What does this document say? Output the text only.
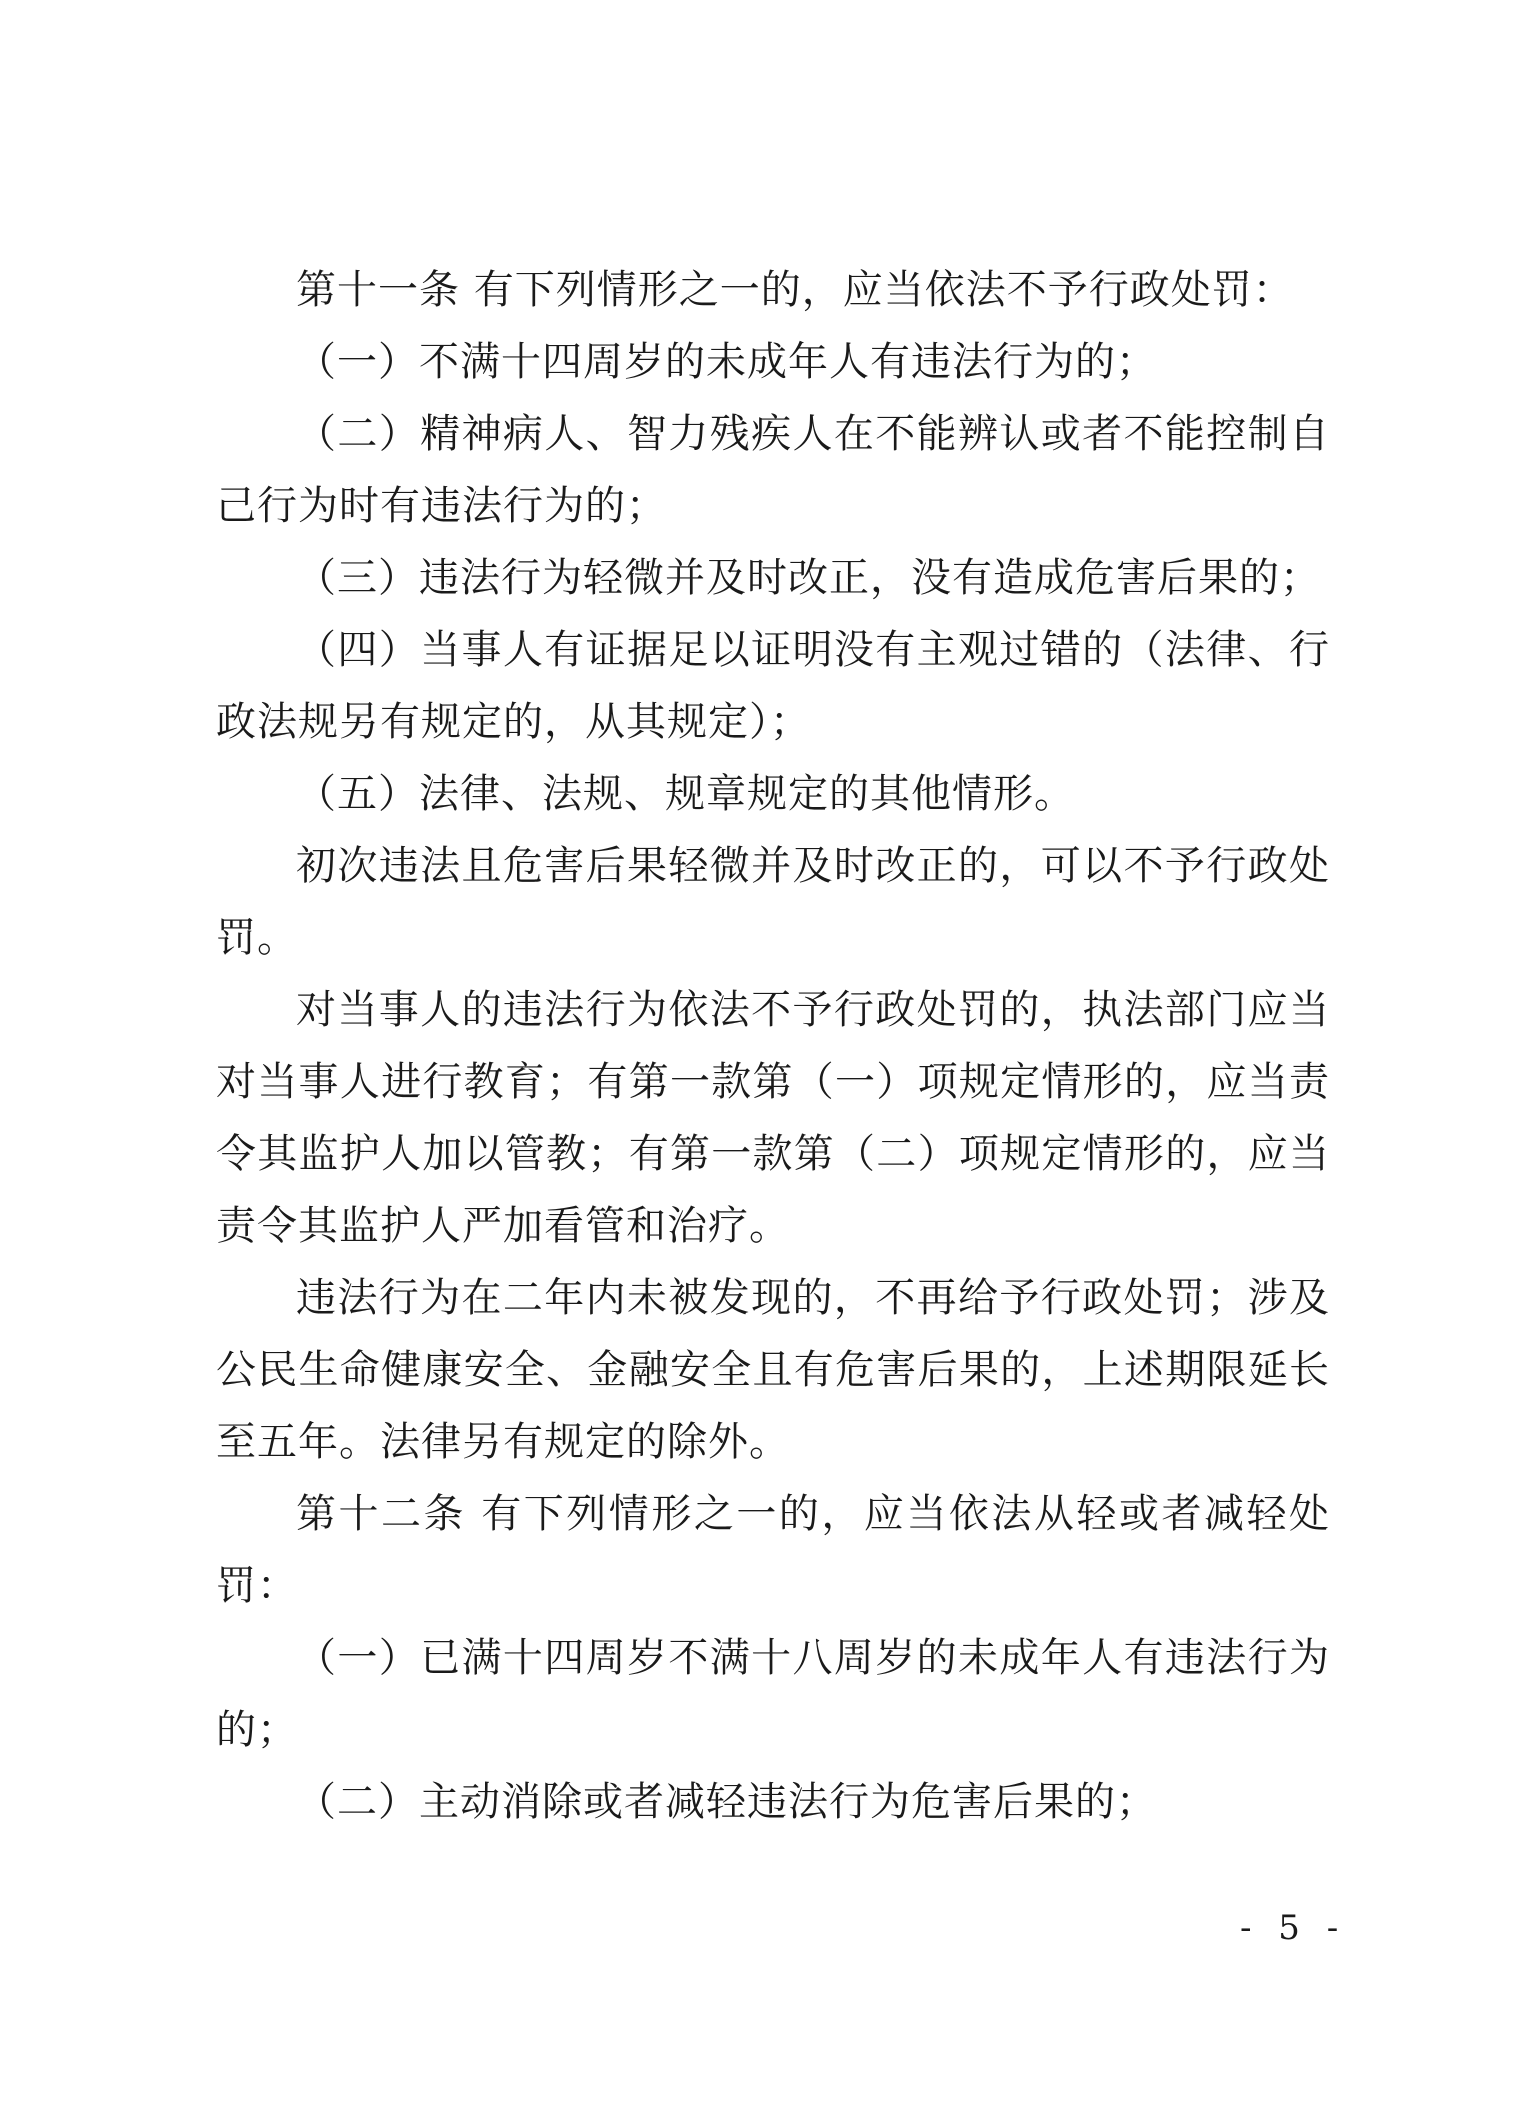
第十一条 有下列情形之一的，应当依法不予行政处罚：

（一）不满十四周岁的未成年人有违法行为的；

（二）精神病人、智力残疾人在不能辨认或者不能控制自己行为时有违法行为的；

（三）违法行为轻微并及时改正，没有造成危害后果的；

（四）当事人有证据足以证明没有主观过错的（法律、行政法规另有规定的，从其规定）；

（五）法律、法规、规章规定的其他情形。

初次违法且危害后果轻微并及时改正的，可以不予行政处罚。

对当事人的违法行为依法不予行政处罚的，执法部门应当对当事人进行教育；有第一款第（一）项规定情形的，应当责令其监护人加以管教；有第一款第（二）项规定情形的，应当责令其监护人严加看管和治疗。

违法行为在二年内未被发现的，不再给予行政处罚；涉及公民生命健康安全、金融安全且有危害后果的，上述期限延长至五年。法律另有规定的除外。

第十二条 有下列情形之一的，应当依法从轻或者减轻处罚：

（一）已满十四周岁不满十八周岁的未成年人有违法行为的；

（二）主动消除或者减轻违法行为危害后果的；

- 5 -
